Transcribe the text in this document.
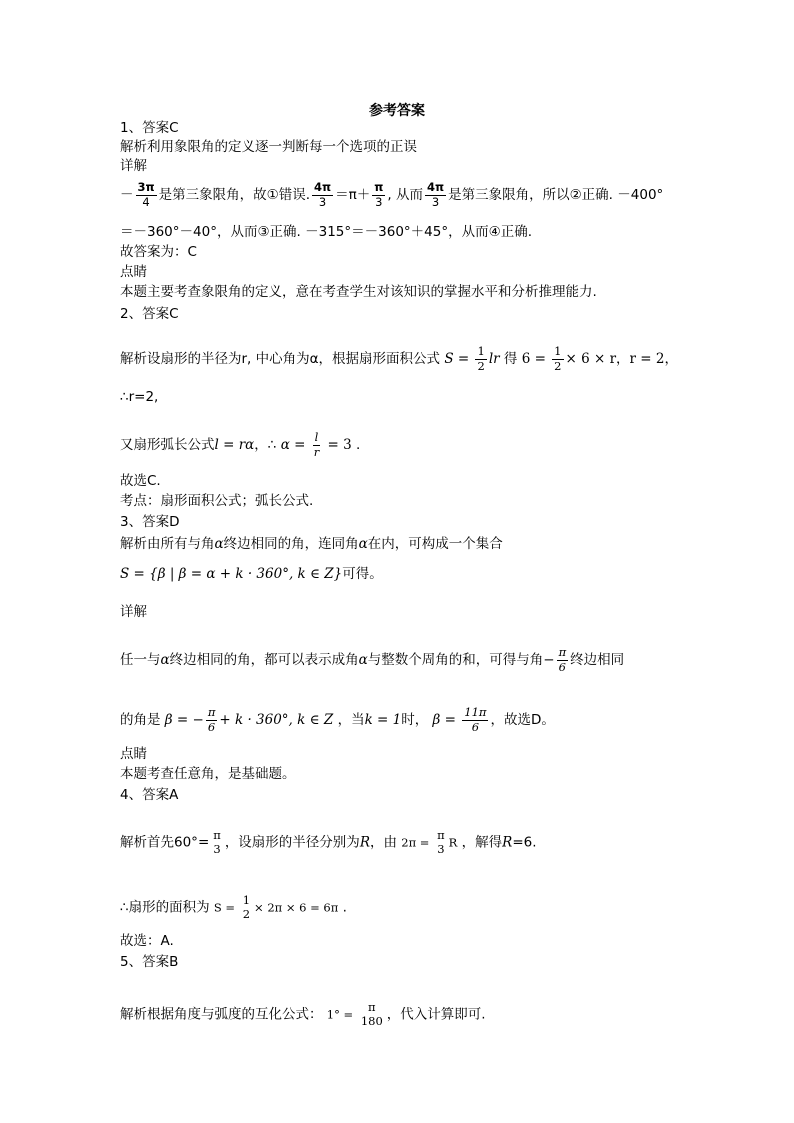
参考答案
1、答案C
解析利用象限角的定义逐一判断每一个选项的正误
详解
－ $\frac{3\pi}{4}$ 是第三象限角，故①错误. $\frac{4\pi}{3} =\pi+ \frac{\pi}{3}$ , 从而 $\frac{4\pi}{3}$ 是第三象限角，所以②正确. －400°
＝－360°－40°，从而③正确. －315°＝－360°＋45°，从而④正确.
故答案为：C
点睛
本题主要考查象限角的定义，意在考查学生对该知识的掌握水平和分析推理能力.
2、答案C
解析设扇形的半径为r, 中心角为α，根据扇形面积公式 $S = \frac{1}{2}$ lr 得 $6 = \frac{1}{2} \times 6 \times r$，r = 2，
∴r=2,
又扇形弧长公式l = rα，∴ $\alpha = \frac{l}{r} = 3$ .
故选C.
考点：扇形面积公式；弧长公式.
3、答案D
解析由所有与角α终边相同的角，连同角α在内，可构成一个集合
S = {β | β = α + k · 360°, k ∈ Z}可得。
详解
任一与α终边相同的角，都可以表示成角α与整数个周角的和，可得与角− $\frac{\pi}{6}$ 终边相同
的角是 β = − $\frac{\pi}{6} + k \cdot 360^\circ$, k ∈ Z ，当k = 1时， $\beta = \frac{11\pi}{6}$ ，故选D。
点睛
本题考查任意角，是基础题。
4、答案A
解析首先60°= π
3 ，设扇形的半径分别为R，由 2π =
π
3 R ，解得R=6.
∴扇形的面积为 S =
1
2 × 2π × 6 = 6π .
故选：A.
5、答案B
解析根据角度与弧度的互化公式： 1° =
π
180 ，代入计算即可.
